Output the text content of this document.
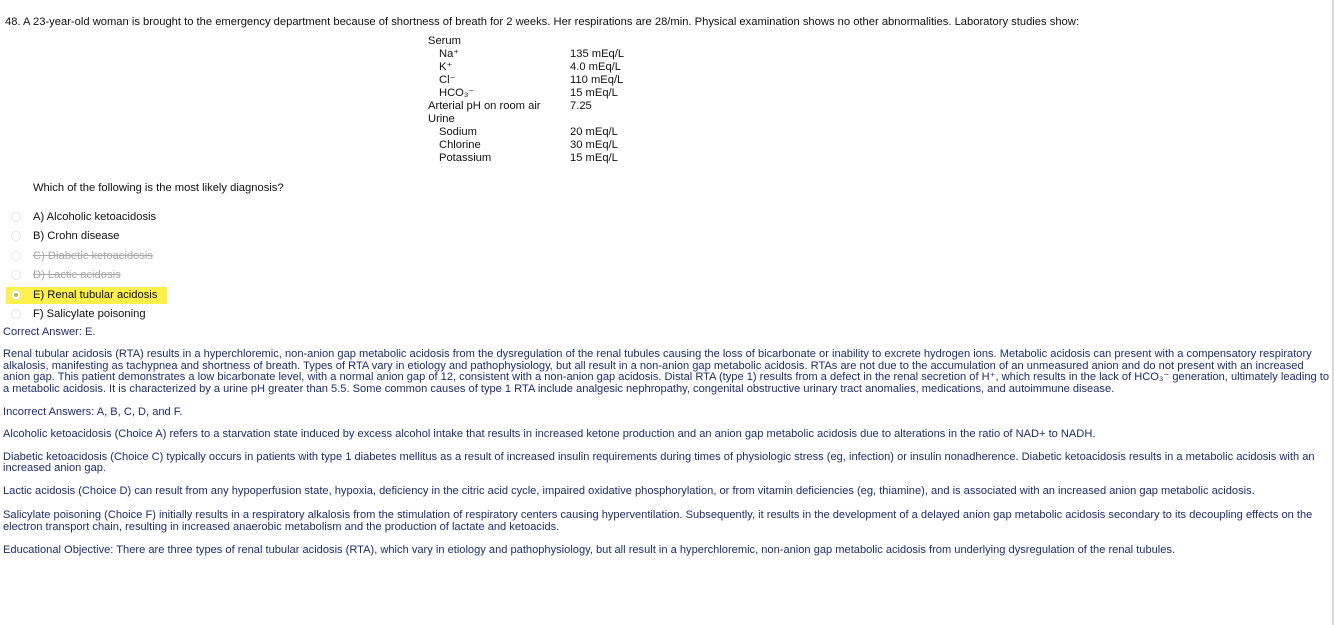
48. A 23-year-old woman is brought to the emergency department because of shortness of breath for 2 weeks. Her respirations are 28/min. Physical examination shows no other abnormalities. Laboratory studies show:
Serum
Na⁺	135 mEq/L
K⁺	4.0 mEq/L
Cl⁻	110 mEq/L
HCO₃⁻	15 mEq/L
Arterial pH on room air	7.25
Urine
Sodium	20 mEq/L
Chlorine	30 mEq/L
Potassium	15 mEq/L
Which of the following is the most likely diagnosis?
A) Alcoholic ketoacidosis
B) Crohn disease
C) Diabetic ketoacidosis
D) Lactic acidosis
E) Renal tubular acidosis
F) Salicylate poisoning

Correct Answer: E.

Renal tubular acidosis (RTA) results in a hyperchloremic, non-anion gap metabolic acidosis from the dysregulation of the renal tubules causing the loss of bicarbonate or inability to excrete hydrogen ions. Metabolic acidosis can present with a compensatory respiratory alkalosis, manifesting as tachypnea and shortness of breath. Types of RTA vary in etiology and pathophysiology, but all result in a non-anion gap metabolic acidosis. RTAs are not due to the accumulation of an unmeasured anion and do not present with an increased anion gap. This patient demonstrates a low bicarbonate level, with a normal anion gap of 12, consistent with a non-anion gap acidosis. Distal RTA (type 1) results from a defect in the renal secretion of H⁺, which results in the lack of HCO₃⁻ generation, ultimately leading to a metabolic acidosis. It is characterized by a urine pH greater than 5.5. Some common causes of type 1 RTA include analgesic nephropathy, congenital obstructive urinary tract anomalies, medications, and autoimmune disease.

Incorrect Answers: A, B, C, D, and F.

Alcoholic ketoacidosis (Choice A) refers to a starvation state induced by excess alcohol intake that results in increased ketone production and an anion gap metabolic acidosis due to alterations in the ratio of NAD+ to NADH.

Diabetic ketoacidosis (Choice C) typically occurs in patients with type 1 diabetes mellitus as a result of increased insulin requirements during times of physiologic stress (eg, infection) or insulin nonadherence. Diabetic ketoacidosis results in a metabolic acidosis with an increased anion gap.

Lactic acidosis (Choice D) can result from any hypoperfusion state, hypoxia, deficiency in the citric acid cycle, impaired oxidative phosphorylation, or from vitamin deficiencies (eg, thiamine), and is associated with an increased anion gap metabolic acidosis.

Salicylate poisoning (Choice F) initially results in a respiratory alkalosis from the stimulation of respiratory centers causing hyperventilation. Subsequently, it results in the development of a delayed anion gap metabolic acidosis secondary to its decoupling effects on the electron transport chain, resulting in increased anaerobic metabolism and the production of lactate and ketoacids.

Educational Objective: There are three types of renal tubular acidosis (RTA), which vary in etiology and pathophysiology, but all result in a hyperchloremic, non-anion gap metabolic acidosis from underlying dysregulation of the renal tubules.
